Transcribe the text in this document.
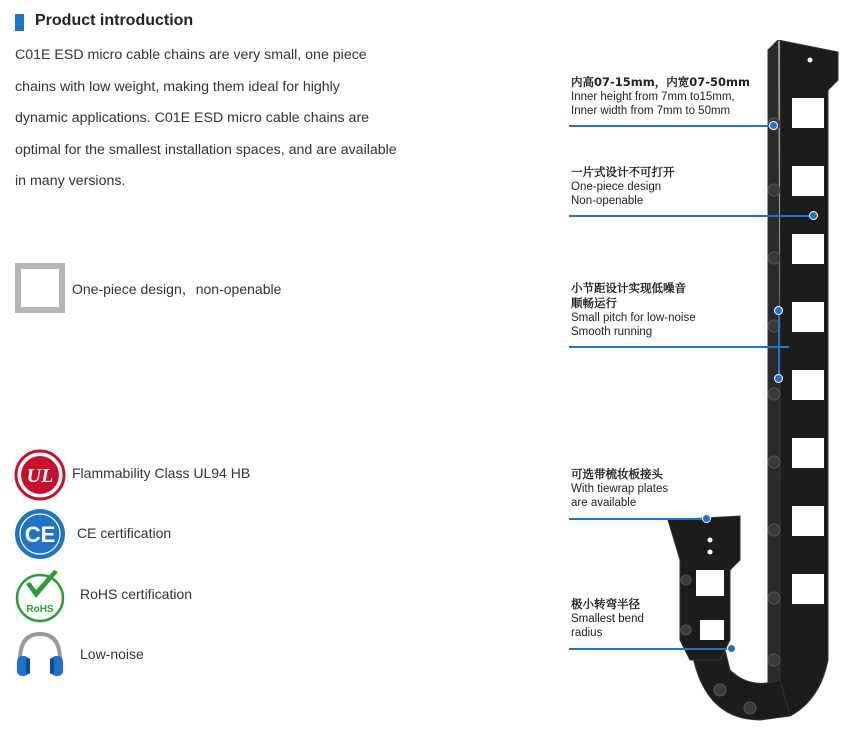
Product introduction
C01E ESD micro cable chains are very small, one piece
chains with low weight, making them ideal for highly
dynamic applications. C01E ESD micro cable chains are
optimal for the smallest installation spaces, and are available
in many versions.
One-piece design，non-openable
UL Flammability Class UL94 HB
CE CE certification
RoHS
RoHS certification
Low-noise
内高07-15mm，内宽07-50mm
Inner height from 7mm to15mm,
Inner width from 7mm to 50mm
一片式设计不可打开
One-piece design
Non-openable
小节距设计实现低噪音
顺畅运行
Small pitch for low-noise
Smooth running
可选带梳妆板接头
With tiewrap plates
are available
极小转弯半径
Smallest bend
radius
